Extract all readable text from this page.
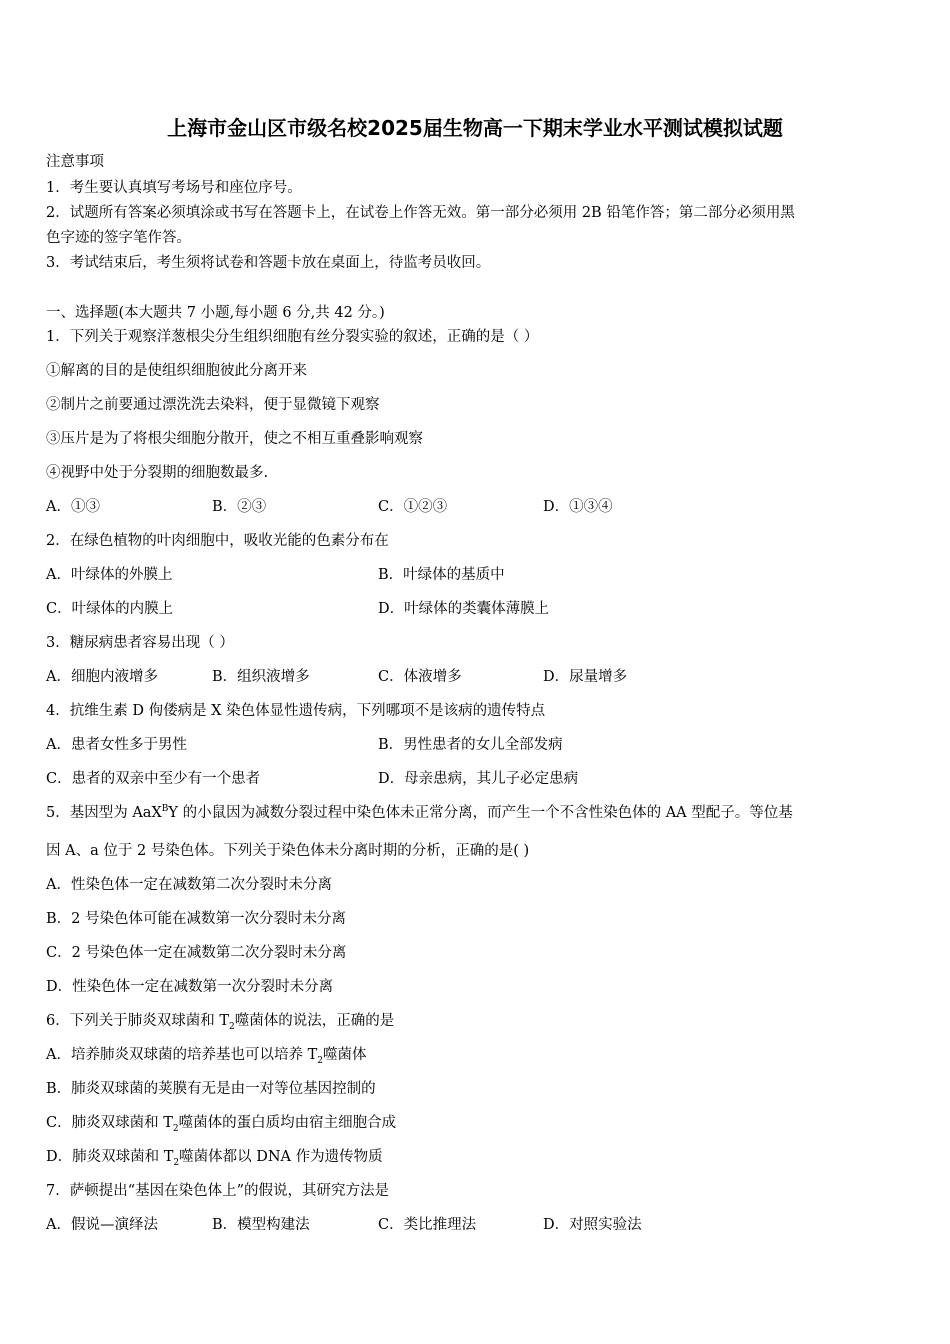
上海市金山区市级名校2025届生物高一下期末学业水平测试模拟试题
注意事项
1．考生要认真填写考场号和座位序号。
2．试题所有答案必须填涂或书写在答题卡上，在试卷上作答无效。第一部分必须用 2B 铅笔作答；第二部分必须用黑
色字迹的签字笔作答。
3．考试结束后，考生须将试卷和答题卡放在桌面上，待监考员收回。
一、选择题(本大题共 7 小题,每小题 6 分,共 42 分。)
1．下列关于观察洋葱根尖分生组织细胞有丝分裂实验的叙述，正确的是（ ）
①解离的目的是使组织细胞彼此分离开来
②制片之前要通过漂洗洗去染料，便于显微镜下观察
③压片是为了将根尖细胞分散开，使之不相互重叠影响观察
④视野中处于分裂期的细胞数最多.
A．①③	B．②③	C．①②③	D．①③④
2．在绿色植物的叶肉细胞中，吸收光能的色素分布在
A．叶绿体的外膜上	B．叶绿体的基质中
C．叶绿体的内膜上	D．叶绿体的类囊体薄膜上
3．糖尿病患者容易出现（ ）
A．细胞内液增多	B．组织液增多	C．体液增多	D．尿量增多
4．抗维生素 D 佝偻病是 X 染色体显性遗传病，下列哪项不是该病的遗传特点
A．患者女性多于男性	B．男性患者的女儿全部发病
C．患者的双亲中至少有一个患者	D．母亲患病，其儿子必定患病
5．基因型为 AaX$^B$Y 的小鼠因为减数分裂过程中染色体未正常分离，而产生一个不含性染色体的 AA 型配子。等位基
因 A、a 位于 2 号染色体。下列关于染色体未分离时期的分析，正确的是( )
A．性染色体一定在减数第二次分裂时未分离
B．2 号染色体可能在减数第一次分裂时未分离
C．2 号染色体一定在减数第二次分裂时未分离
D．性染色体一定在减数第一次分裂时未分离
6．下列关于肺炎双球菌和 $T_2$噬菌体的说法，正确的是
A．培养肺炎双球菌的培养基也可以培养 $T_2$噬菌体
B．肺炎双球菌的荚膜有无是由一对等位基因控制的
C．肺炎双球菌和 $T_2$噬菌体的蛋白质均由宿主细胞合成
D．肺炎双球菌和 $T_2$噬菌体都以 DNA 作为遗传物质
7．萨顿提出“基因在染色体上”的假说，其研究方法是
A．假说—演绎法	B．模型构建法	C．类比推理法	D．对照实验法
